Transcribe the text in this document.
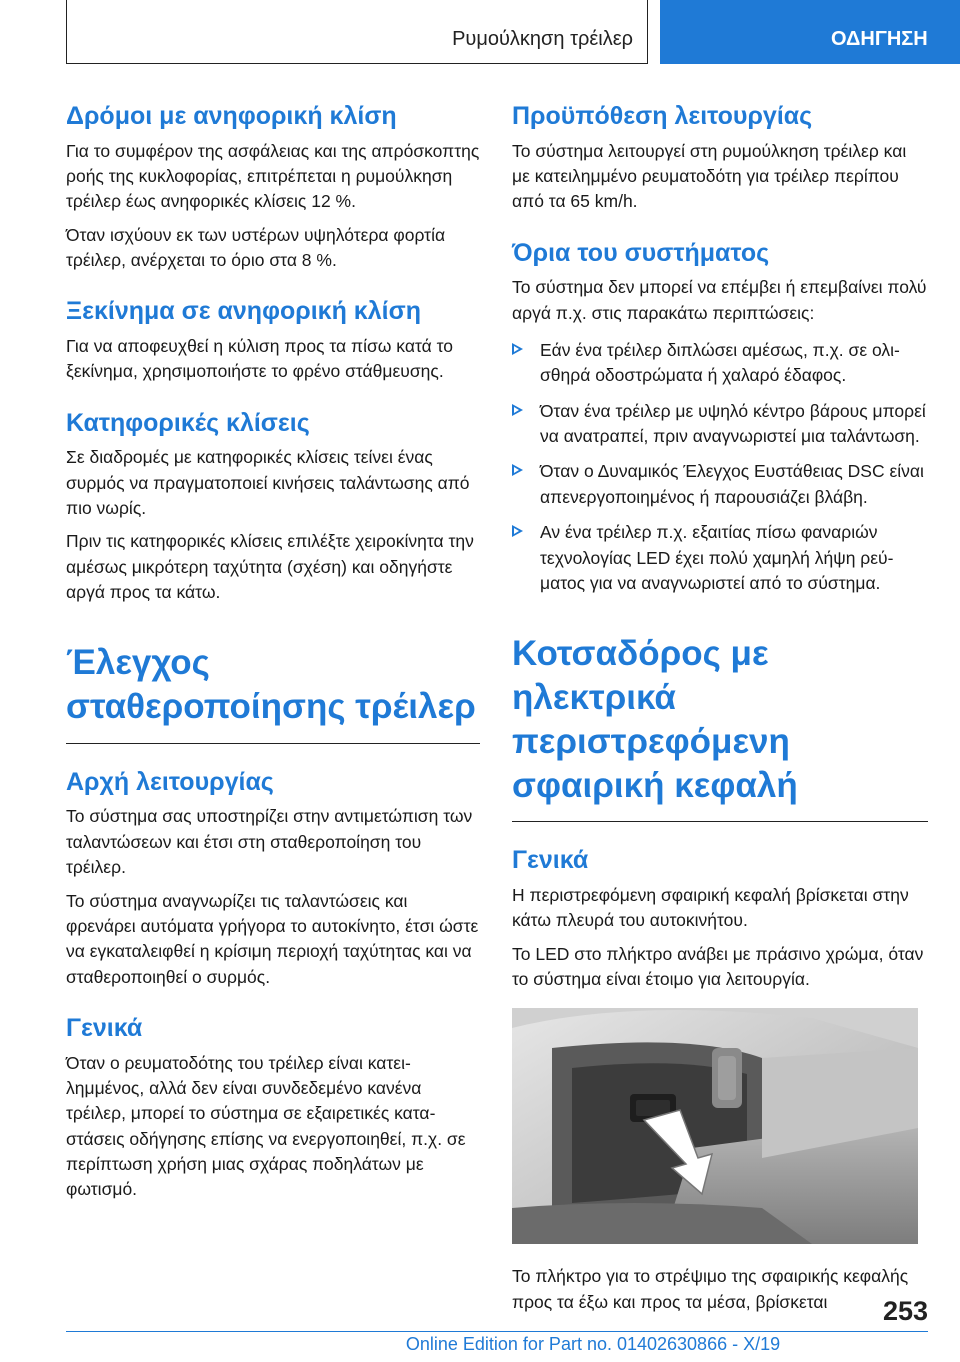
Ρυμούλκηση τρέιλερ	ΟΔΗΓΗΣΗ
Δρόμοι με ανηφορική κλίση

Για το συμφέρον της ασφάλειας και της απρόσκοπτης ροής της κυκλοφορίας, επιτρέπεται η ρυμούλκηση τρέιλερ έως ανηφορικές κλίσεις 12 %.

Όταν ισχύουν εκ των υστέρων υψηλότερα φορτία τρέιλερ, ανέρχεται το όριο στα 8 %.

Ξεκίνημα σε ανηφορική κλίση

Για να αποφευχθεί η κύλιση προς τα πίσω κατά το ξεκίνημα, χρησιμοποιήστε το φρένο στάθμευσης.

Κατηφορικές κλίσεις

Σε διαδρομές με κατηφορικές κλίσεις τείνει ένας συρμός να πραγματοποιεί κινήσεις ταλάντωσης από πιο νωρίς.

Πριν τις κατηφορικές κλίσεις επιλέξτε χειροκίνητα την αμέσως μικρότερη ταχύτητα (σχέση) και οδηγήστε αργά προς τα κάτω.

Έλεγχος σταθεροποίησης τρέιλερ
Αρχή λειτουργίας

Το σύστημα σας υποστηρίζει στην αντιμετώπιση των ταλαντώσεων και έτσι στη σταθεροποίηση του τρέιλερ.

Το σύστημα αναγνωρίζει τις ταλαντώσεις και φρενάρει αυτόματα γρήγορα το αυτοκίνητο, έτσι ώστε να εγκαταλειφθεί η κρίσιμη περιοχή ταχύτητας και να σταθεροποιηθεί ο συρμός.

Γενικά

Όταν ο ρευματοδότης του τρέιλερ είναι κατειλημμένος, αλλά δεν είναι συνδεδεμένο κανένα τρέιλερ, μπορεί το σύστημα σε εξαιρετικές καταστάσεις οδήγησης επίσης να ενεργοποιηθεί, π.χ. σε περίπτωση χρήση μιας σχάρας ποδηλάτων με φωτισμό.

Προϋπόθεση λειτουργίας

Το σύστημα λειτουργεί στη ρυμούλκηση τρέιλερ και με κατειλημμένο ρευματοδότη για τρέιλερ περίπου από τα 65 km/h.

Όρια του συστήματος

Το σύστημα δεν μπορεί να επέμβει ή επεμβαίνει πολύ αργά π.χ. στις παρακάτω περιπτώσεις:

Εάν ένα τρέιλερ διπλώσει αμέσως, π.χ. σε ολισθηρά οδοστρώματα ή χαλαρό έδαφος.
Όταν ένα τρέιλερ με υψηλό κέντρο βάρους μπορεί να ανατραπεί, πριν αναγνωριστεί μια ταλάντωση.
Όταν ο Δυναμικός Έλεγχος Ευστάθειας DSC είναι απενεργοποιημένος ή παρουσιάζει βλάβη.
Αν ένα τρέιλερ π.χ. εξαιτίας πίσω φαναριών τεχνολογίας LED έχει πολύ χαμηλή λήψη ρεύματος για να αναγνωριστεί από το σύστημα.
Κοτσαδόρος με ηλεκτρικά περιστρεφόμενη σφαιρική κεφαλή
Γενικά

Η περιστρεφόμενη σφαιρική κεφαλή βρίσκεται στην κάτω πλευρά του αυτοκινήτου.

Το LED στο πλήκτρο ανάβει με πράσινο χρώμα, όταν το σύστημα είναι έτοιμο για λειτουργία.

Το πλήκτρο για το στρέψιμο της σφαιρικής κεφαλής προς τα έξω και προς τα μέσα, βρίσκεται	253
Online Edition for Part no. 01402630866 - X/19
